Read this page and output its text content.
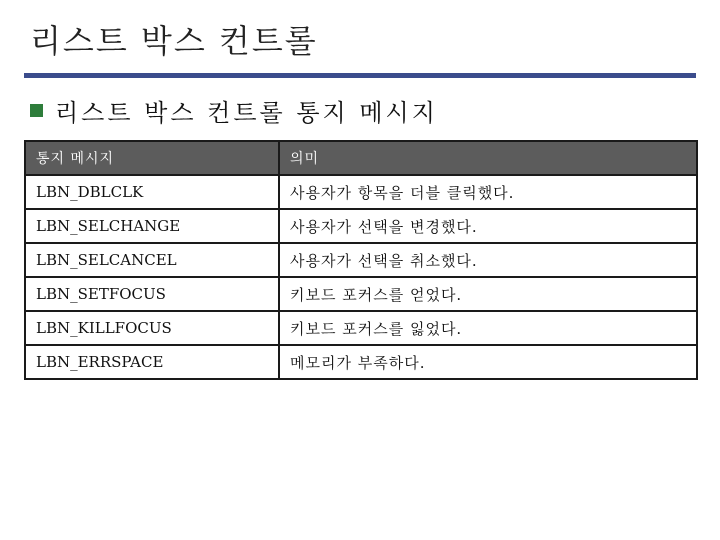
리스트 박스 컨트롤
리스트 박스 컨트롤 통지 메시지
통지 메시지	의미
LBN_DBLCLK	사용자가 항목을 더블 클릭했다.
LBN_SELCHANGE	사용자가 선택을 변경했다.
LBN_SELCANCEL	사용자가 선택을 취소했다.
LBN_SETFOCUS	키보드 포커스를 얻었다.
LBN_KILLFOCUS	키보드 포커스를 잃었다.
LBN_ERRSPACE	메모리가 부족하다.
